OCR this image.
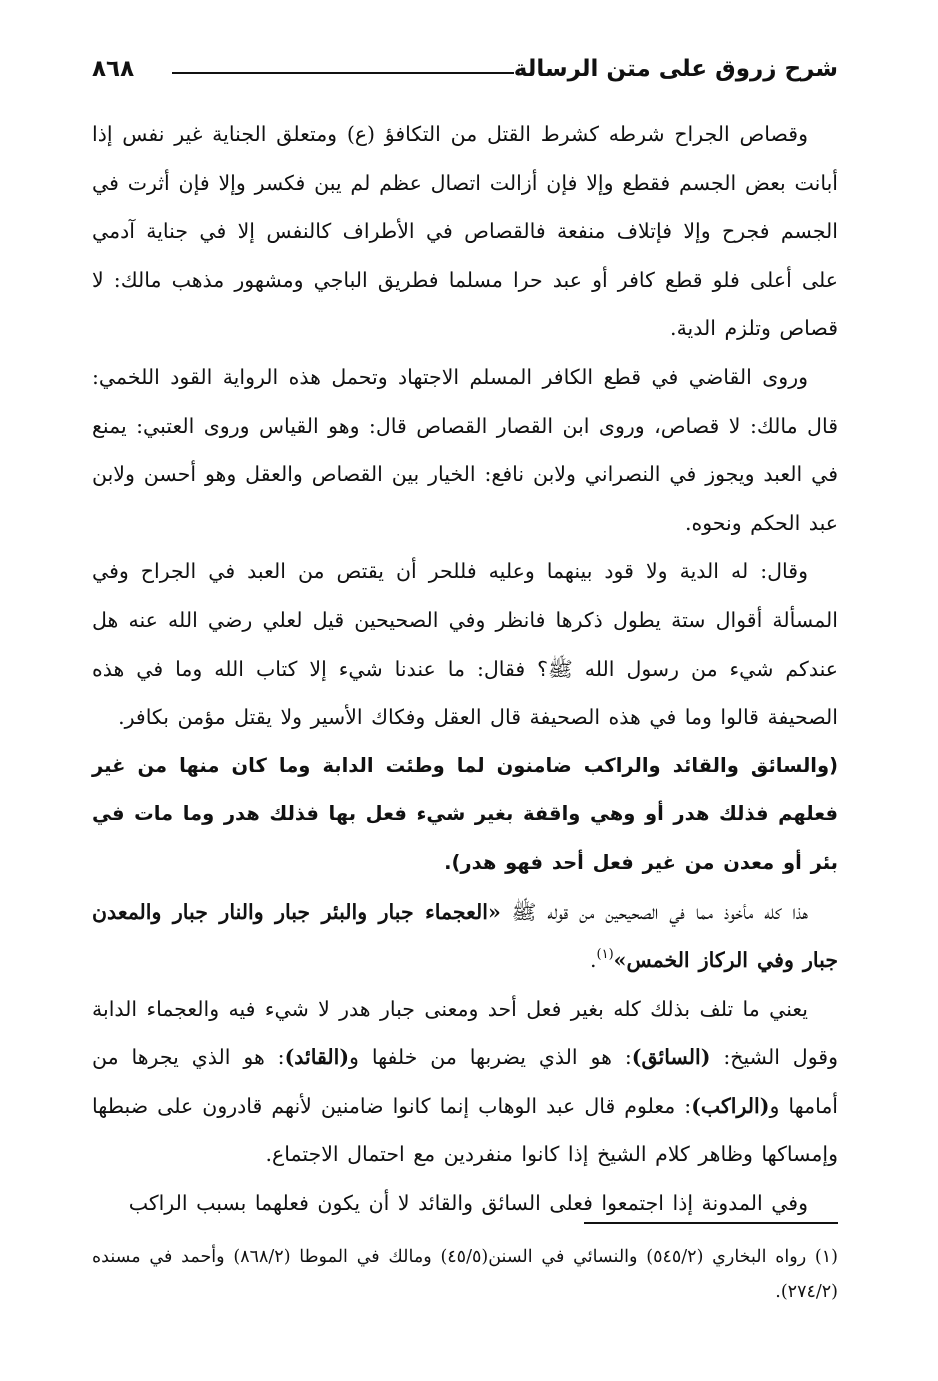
شرح زروق على متن الرسالة
٨٦٨

وقصاص الجراح شرطه كشرط القتل من التكافؤ (ع) ومتعلق الجناية غير نفس إذا أبانت بعض الجسم فقطع وإلا فإن أزالت اتصال عظم لم يبن فكسر وإلا فإن أثرت في الجسم فجرح وإلا فإتلاف منفعة فالقصاص في الأطراف كالنفس إلا في جناية آدمي على أعلى فلو قطع كافر أو عبد حرا مسلما فطريق الباجي ومشهور مذهب مالك: لا قصاص وتلزم الدية.

وروى القاضي في قطع الكافر المسلم الاجتهاد وتحمل هذه الرواية القود اللخمي: قال مالك: لا قصاص، وروى ابن القصار القصاص قال: وهو القياس وروى العتبي: يمنع في العبد ويجوز في النصراني ولابن نافع: الخيار بين القصاص والعقل وهو أحسن ولابن عبد الحكم ونحوه.

وقال: له الدية ولا قود بينهما وعليه فللحر أن يقتص من العبد في الجراح وفي المسألة أقوال ستة يطول ذكرها فانظر وفي الصحيحين قيل لعلي رضي الله عنه هل عندكم شيء من رسول الله ﷺ؟ فقال: ما عندنا شيء إلا كتاب الله وما في هذه الصحيفة قالوا وما في هذه الصحيفة قال العقل وفكاك الأسير ولا يقتل مؤمن بكافر.

(والسائق والقائد والراكب ضامنون لما وطئت الدابة وما كان منها من غير فعلهم فذلك هدر أو وهي واقفة بغير شيء فعل بها فذلك هدر وما مات في بئر أو معدن من غير فعل أحد فهو هدر).

هذا كله مأخوذ مما في الصحيحين من قوله ﷺ «العجماء جبار والبئر جبار والنار جبار والمعدن جبار وفي الركاز الخمس»$^{(١)}$.

يعني ما تلف بذلك كله بغير فعل أحد ومعنى جبار هدر لا شيء فيه والعجماء الدابة وقول الشيخ: (السائق): هو الذي يضربها من خلفها و(القائد): هو الذي يجرها من أمامها و(الراكب): معلوم قال عبد الوهاب إنما كانوا ضامنين لأنهم قادرون على ضبطها وإمساكها وظاهر كلام الشيخ إذا كانوا منفردين مع احتمال الاجتماع.

وفي المدونة إذا اجتمعوا فعلى السائق والقائد لا أن يكون فعلهما بسبب الراكب

(١) رواه البخاري (٥٤٥/٢) والنسائي في السنن(٤٥/٥) ومالك في الموطا (٨٦٨/٢) وأحمد في مسنده (٢٧٤/٢).
